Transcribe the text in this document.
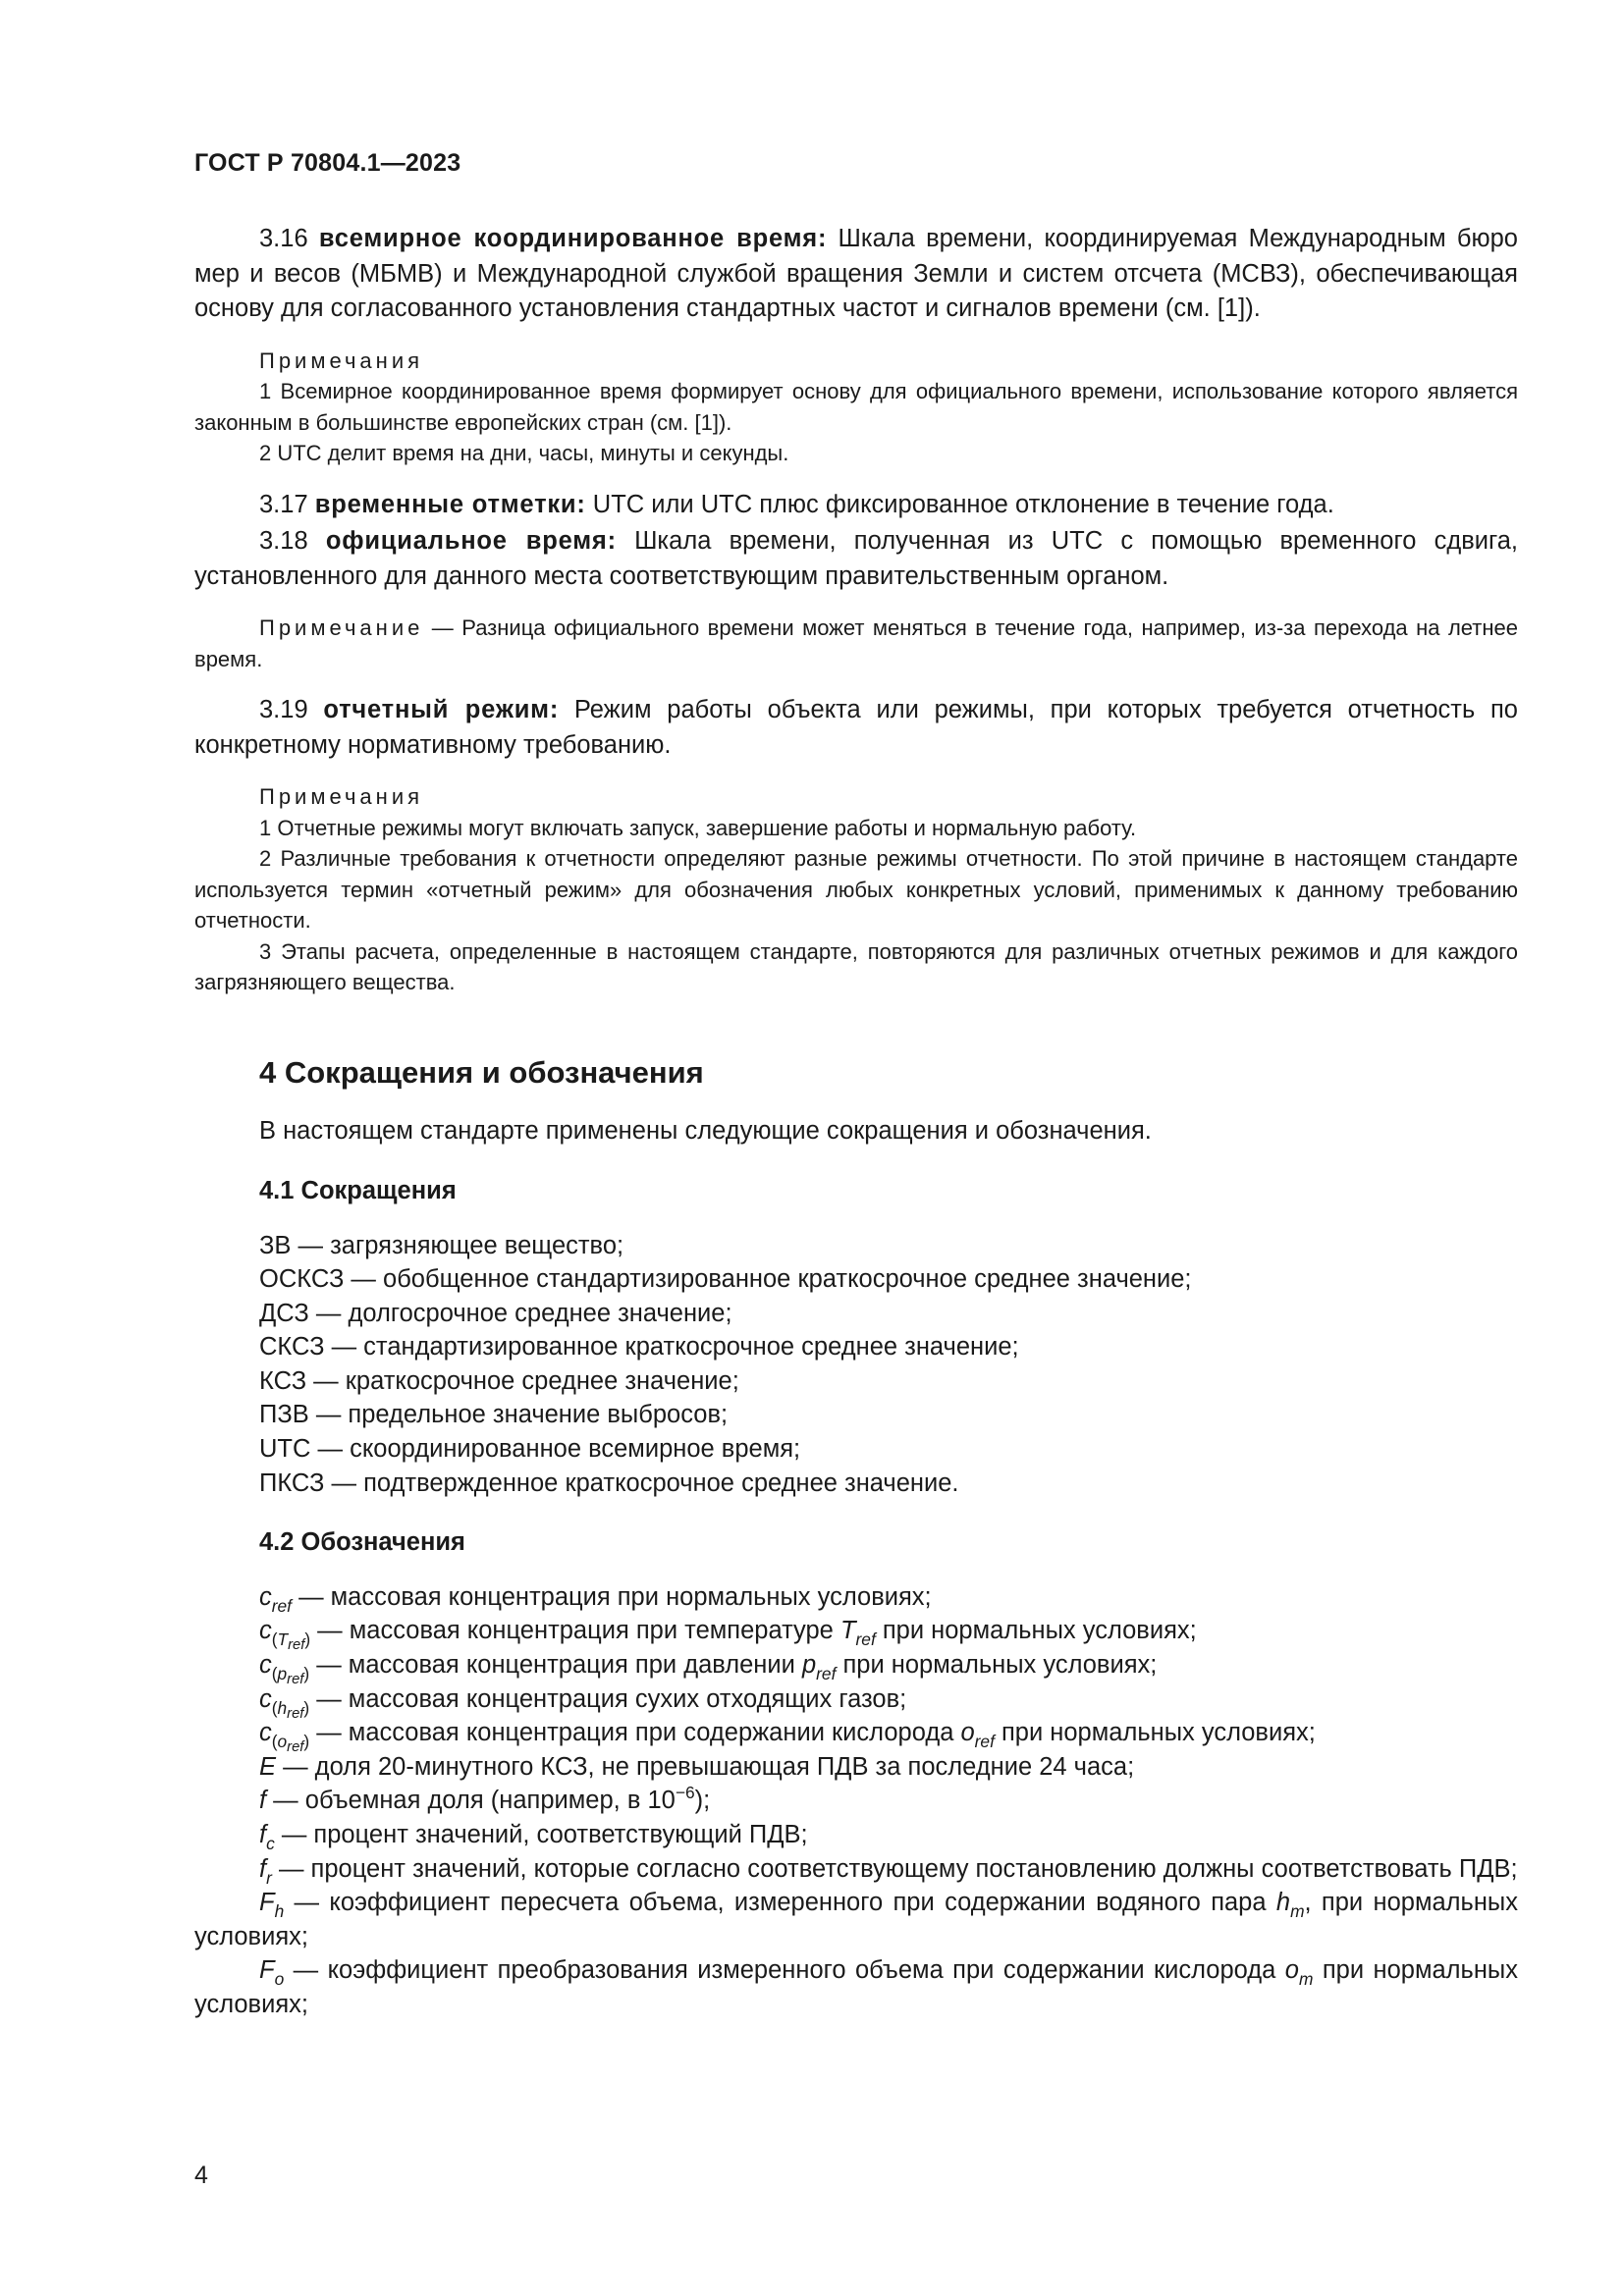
ГОСТ Р 70804.1—2023

3.16 всемирное координированное время: Шкала времени, координируемая Международным бюро мер и весов (МБМВ) и Международной службой вращения Земли и систем отсчета (МСВЗ), обеспечивающая основу для согласованного установления стандартных частот и сигналов времени (см. [1]).

Примечания

1 Всемирное координированное время формирует основу для официального времени, использование которого является законным в большинстве европейских стран (см. [1]).

2 UTC делит время на дни, часы, минуты и секунды.

3.17 временные отметки: UTC или UTC плюс фиксированное отклонение в течение года.

3.18 официальное время: Шкала времени, полученная из UTC с помощью временного сдвига, установленного для данного места соответствующим правительственным органом.

Примечание — Разница официального времени может меняться в течение года, например, из-за перехода на летнее время.

3.19 отчетный режим: Режим работы объекта или режимы, при которых требуется отчетность по конкретному нормативному требованию.

Примечания

1 Отчетные режимы могут включать запуск, завершение работы и нормальную работу.

2 Различные требования к отчетности определяют разные режимы отчетности. По этой причине в настоящем стандарте используется термин «отчетный режим» для обозначения любых конкретных условий, применимых к данному требованию отчетности.

3 Этапы расчета, определенные в настоящем стандарте, повторяются для различных отчетных режимов и для каждого загрязняющего вещества.

4 Сокращения и обозначения
В настоящем стандарте применены следующие сокращения и обозначения.
4.1 Сокращения
ЗВ — загрязняющее вещество;
ОСКСЗ — обобщенное стандартизированное краткосрочное среднее значение;
ДСЗ — долгосрочное среднее значение;
СКСЗ — стандартизированное краткосрочное среднее значение;
КСЗ — краткосрочное среднее значение;
ПЗВ — предельное значение выбросов;
UTC — скоординированное всемирное время;
ПКСЗ — подтвержденное краткосрочное среднее значение.
4.2 Обозначения
$c_{ref}$ — массовая концентрация при нормальных условиях;
$c_{(T_{ref})}$ — массовая концентрация при температуре $T_{ref}$ при нормальных условиях;
$c_{(p_{ref})}$ — массовая концентрация при давлении $p_{ref}$ при нормальных условиях;
$c_{(h_{ref})}$ — массовая концентрация сухих отходящих газов;
$c_{(o_{ref})}$ — массовая концентрация при содержании кислорода $o_{ref}$ при нормальных условиях;
E — доля 20-минутного КСЗ, не превышающая ПДВ за последние 24 часа;
f — объемная доля (например, в $10^{-6}$);
$f_c$ — процент значений, соответствующий ПДВ;
$f_r$ — процент значений, которые согласно соответствующему постановлению должны соответствовать ПДВ;
$F_h$ — коэффициент пересчета объема, измеренного при содержании водяного пара $h_m$, при нормальных условиях;
$F_o$ — коэффициент преобразования измеренного объема при содержании кислорода $o_m$ при нормальных условиях;
4
